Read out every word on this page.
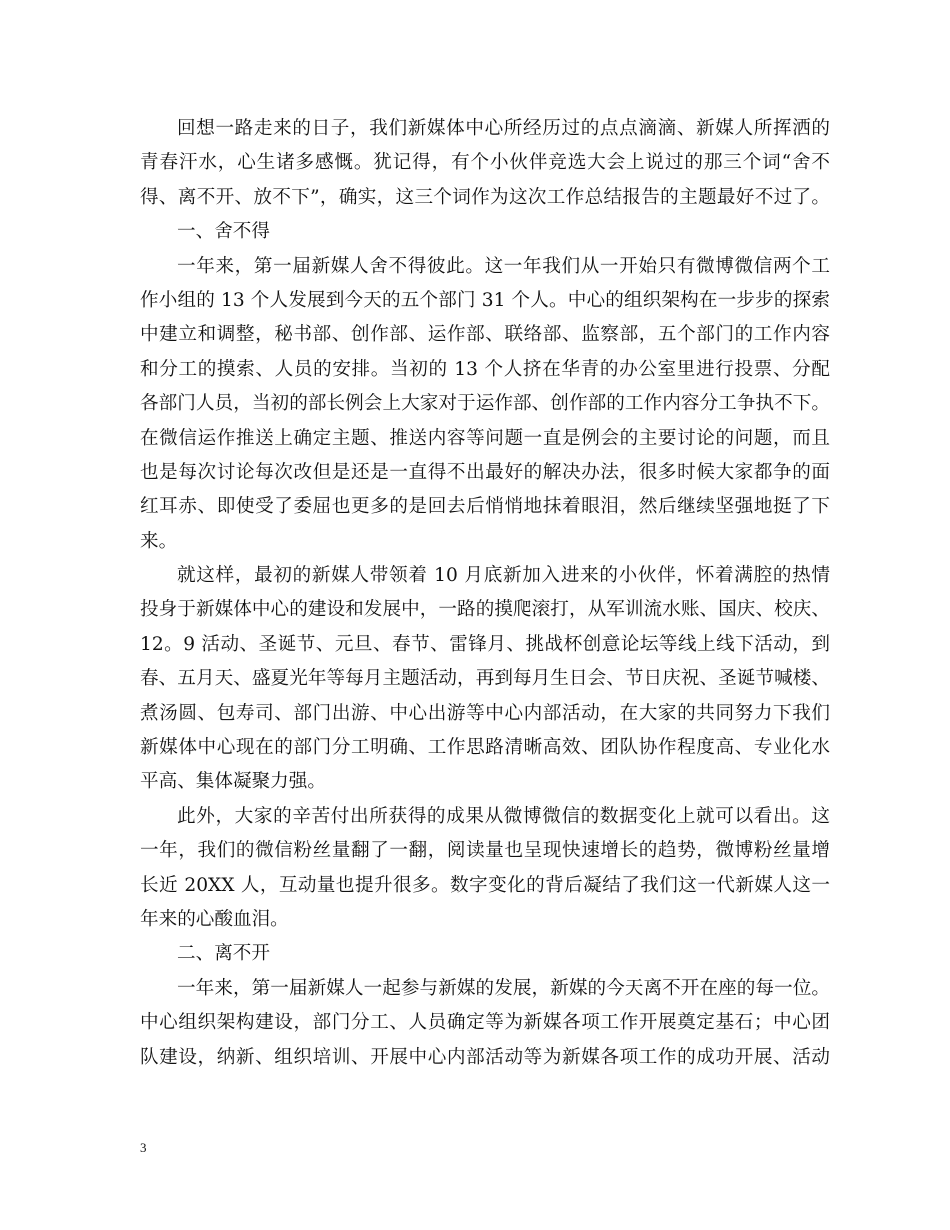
回想一路走来的日子，我们新媒体中心所经历过的点点滴滴、新媒人所挥洒的
青春汗水，心生诸多感慨。犹记得，有个小伙伴竞选大会上说过的那三个词“舍不
得、离不开、放不下”，确实，这三个词作为这次工作总结报告的主题最好不过了。
一、舍不得
一年来，第一届新媒人舍不得彼此。这一年我们从一开始只有微博微信两个工
作小组的 13 个人发展到今天的五个部门 31 个人。中心的组织架构在一步步的探索
中建立和调整，秘书部、创作部、运作部、联络部、监察部，五个部门的工作内容
和分工的摸索、人员的安排。当初的 13 个人挤在华青的办公室里进行投票、分配
各部门人员，当初的部长例会上大家对于运作部、创作部的工作内容分工争执不下。
在微信运作推送上确定主题、推送内容等问题一直是例会的主要讨论的问题，而且
也是每次讨论每次改但是还是一直得不出最好的解决办法，很多时候大家都争的面
红耳赤、即使受了委屈也更多的是回去后悄悄地抹着眼泪，然后继续坚强地挺了下
来。
就这样，最初的新媒人带领着 10 月底新加入进来的小伙伴，怀着满腔的热情
投身于新媒体中心的建设和发展中，一路的摸爬滚打，从军训流水账、国庆、校庆、
12。9 活动、圣诞节、元旦、春节、雷锋月、挑战杯创意论坛等线上线下活动，到
春、五月天、盛夏光年等每月主题活动，再到每月生日会、节日庆祝、圣诞节喊楼、
煮汤圆、包寿司、部门出游、中心出游等中心内部活动，在大家的共同努力下我们
新媒体中心现在的部门分工明确、工作思路清晰高效、团队协作程度高、专业化水
平高、集体凝聚力强。
此外，大家的辛苦付出所获得的成果从微博微信的数据变化上就可以看出。这
一年，我们的微信粉丝量翻了一翻，阅读量也呈现快速增长的趋势，微博粉丝量增
长近 20XX 人，互动量也提升很多。数字变化的背后凝结了我们这一代新媒人这一
年来的心酸血泪。
二、离不开
一年来，第一届新媒人一起参与新媒的发展，新媒的今天离不开在座的每一位。
中心组织架构建设，部门分工、人员确定等为新媒各项工作开展奠定基石；中心团
队建设，纳新、组织培训、开展中心内部活动等为新媒各项工作的成功开展、活动
3
